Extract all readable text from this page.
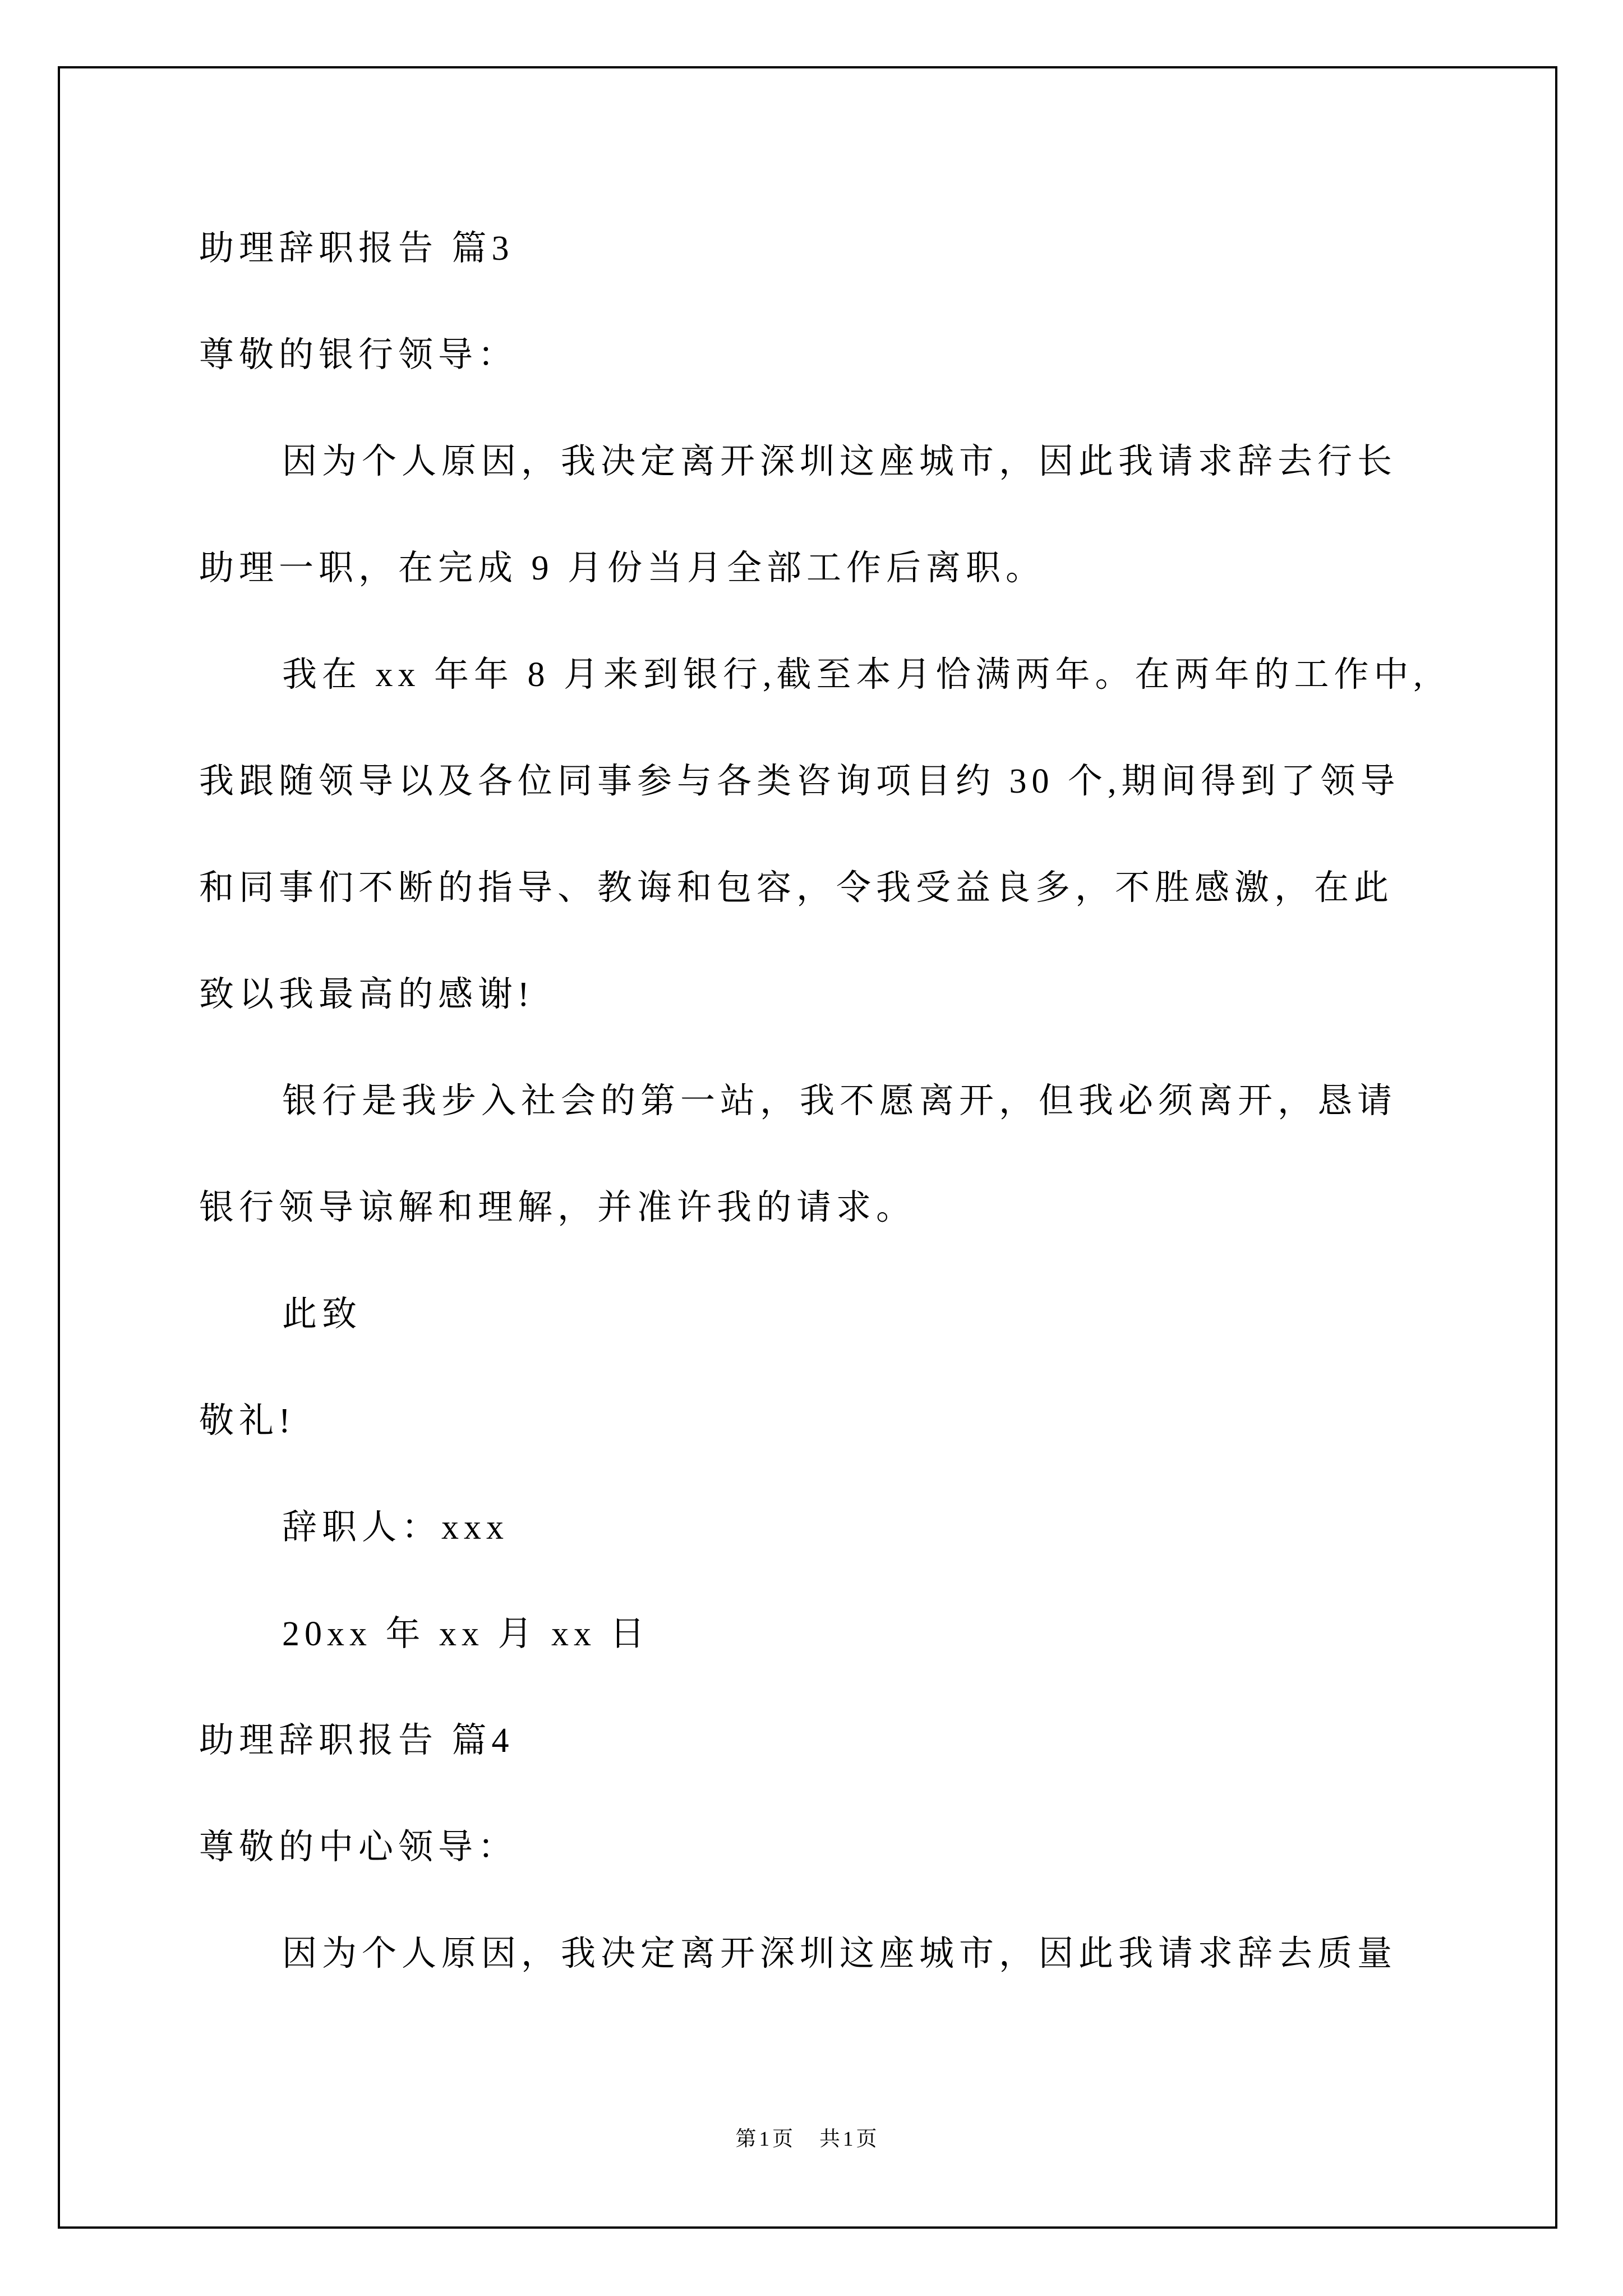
助理辞职报告 篇3
尊敬的银行领导：
因为个人原因，我决定离开深圳这座城市，因此我请求辞去行长
助理一职，在完成 9 月份当月全部工作后离职。
我在 xx 年年 8 月来到银行,截至本月恰满两年。在两年的工作中,
我跟随领导以及各位同事参与各类咨询项目约 30 个,期间得到了领导
和同事们不断的指导、教诲和包容，令我受益良多，不胜感激，在此
致以我最高的感谢!
银行是我步入社会的第一站，我不愿离开，但我必须离开，恳请
银行领导谅解和理解，并准许我的请求。
此致
敬礼!
辞职人：xxx
20xx 年 xx 月 xx 日
助理辞职报告 篇4
尊敬的中心领导：
因为个人原因，我决定离开深圳这座城市，因此我请求辞去质量
第1页　共1页
